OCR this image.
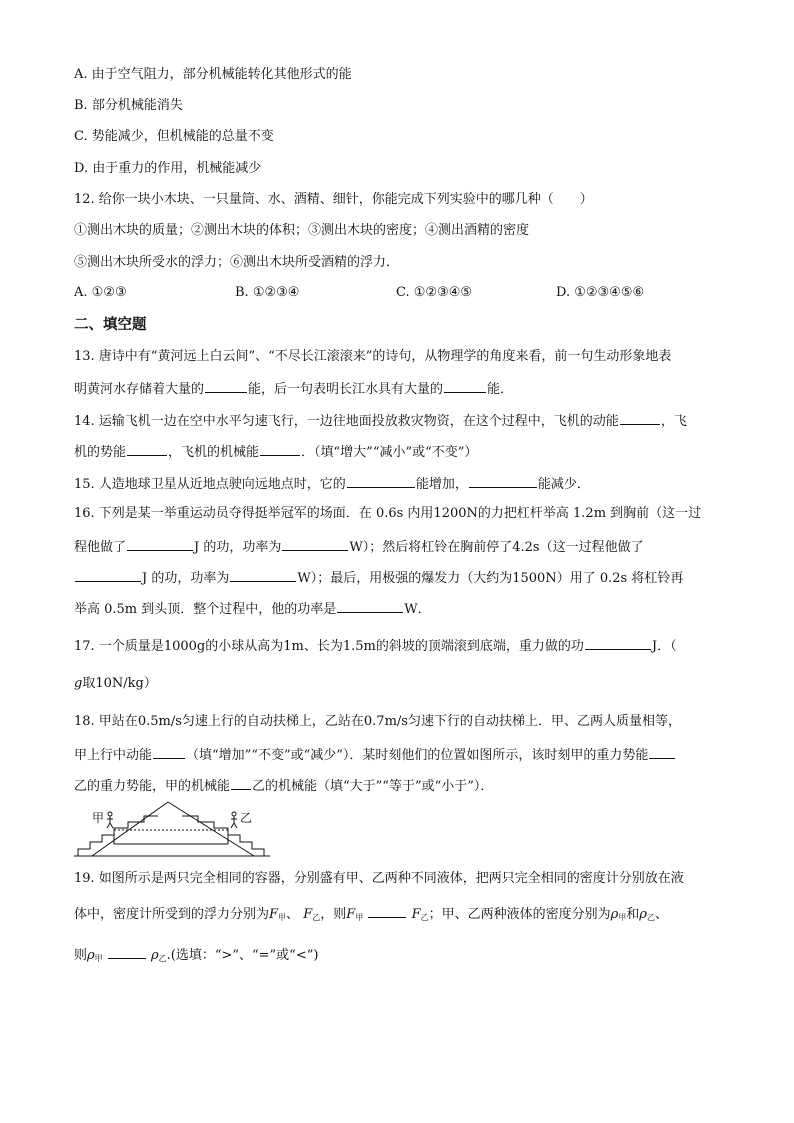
A. 由于空气阻力，部分机械能转化其他形式的能
B. 部分机械能消失
C. 势能减少，但机械能的总量不变
D. 由于重力的作用，机械能减少
12. 给你一块小木块、一只量筒、水、酒精、细针，你能完成下列实验中的哪几种（　　）
①测出木块的质量；②测出木块的体积；③测出木块的密度；④测出酒精的密度
⑤测出木块所受水的浮力；⑥测出木块所受酒精的浮力．
A. ①②③	B. ①②③④	C. ①②③④⑤	D. ①②③④⑤⑥
二、填空题
13. 唐诗中有“黄河远上白云间”、“不尽长江滚滚来”的诗句，从物理学的角度来看，前一句生动形象地表
明黄河水存储着大量的	能，后一句表明长江水具有大量的	能．
14. 运输飞机一边在空中水平匀速飞行，一边往地面投放救灾物资，在这个过程中，飞机的动能	，飞
机的势能	，飞机的机械能	．（填“增大”“减小”或“不变”）
15. 人造地球卫星从近地点驶向远地点时，它的	能增加，	能减少．
16. 下列是某一举重运动员夺得挺举冠军的场面．在 0.6s 内用1200N的力把杠杆举高 1.2m 到胸前（这一过
程他做了	J 的功，功率为	W）；然后将杠铃在胸前停了4.2s（这一过程他做了
J 的功，功率为	W）；最后，用极强的爆发力（大约为1500N）用了 0.2s 将杠铃再
举高 0.5m 到头顶．整个过程中，他的功率是	W．
17. 一个质量是1000g的小球从高为1m、长为1.5m的斜坡的顶端滚到底端，重力做的功	J．（
g取10N/kg）
18. 甲站在0.5m/s匀速上行的自动扶梯上，乙站在0.7m/s匀速下行的自动扶梯上．甲、乙两人质量相等，
甲上行中动能	（填“增加”“不变”或“减少”）．某时刻他们的位置如图所示，该时刻甲的重力势能
乙的重力势能，甲的机械能 乙的机械能（填“大于”“等于”或“小于”）．
甲	乙
19. 如图所示是两只完全相同的容器，分别盛有甲、乙两种不同液体，把两只完全相同的密度计分别放在液
体中，密度计所受到的浮力分别为$F_甲$、 $F_乙$，则$F_甲$	$F_乙$；甲、乙两种液体的密度分别为$\rho_甲$和$\rho_乙$、
则$\rho_甲$	$\rho_乙$.(选填：“>”、“=”或“<”)
